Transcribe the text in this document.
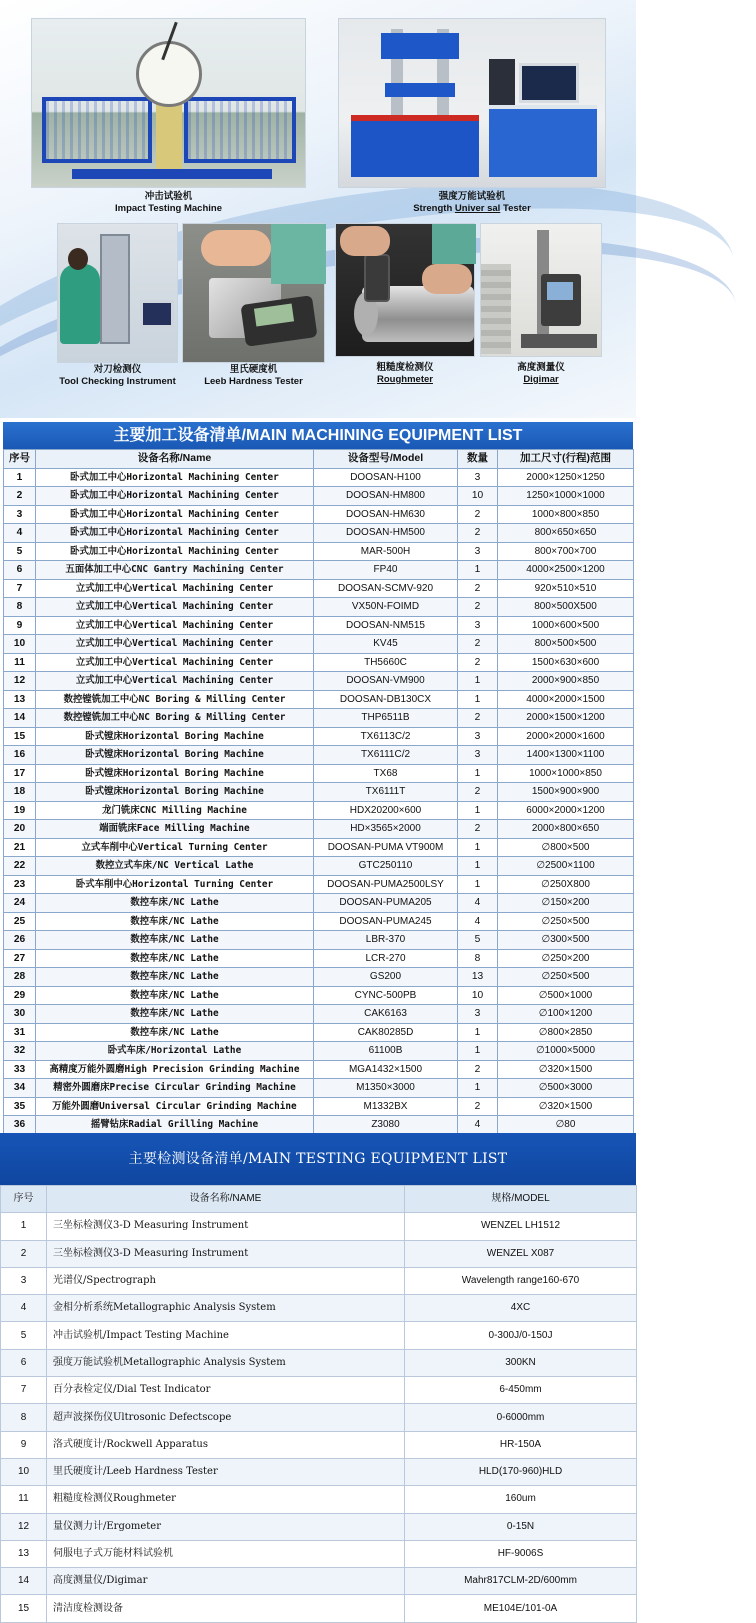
冲击试验机
Impact Testing Machine
强度万能试验机
Strength Univer sal Tester
对刀检测仪
Tool Checking Instrument
里氏硬度机
Leeb Hardness Tester
粗糙度检测仪
Roughmeter
高度测量仪
Digimar
主要加工设备清单/MAIN MACHINING EQUIPMENT LIST
序号	设备名称/Name	设备型号/Model	数量	加工尺寸(行程)范围
1	卧式加工中心Horizontal Machining Center	DOOSAN-H100	3	2000×1250×1250
2	卧式加工中心Horizontal Machining Center	DOOSAN-HM800	10	1250×1000×1000
3	卧式加工中心Horizontal Machining Center	DOOSAN-HM630	2	1000×800×850
4	卧式加工中心Horizontal Machining Center	DOOSAN-HM500	2	800×650×650
5	卧式加工中心Horizontal Machining Center	MAR-500H	3	800×700×700
6	五面体加工中心CNC Gantry Machining Center	FP40	1	4000×2500×1200
7	立式加工中心Vertical Machining Center	DOOSAN-SCMV-920	2	920×510×510
8	立式加工中心Vertical Machining Center	VX50N-FOIMD	2	800×500X500
9	立式加工中心Vertical Machining Center	DOOSAN-NM515	3	1000×600×500
10	立式加工中心Vertical Machining Center	KV45	2	800×500×500
11	立式加工中心Vertical Machining Center	TH5660C	2	1500×630×600
12	立式加工中心Vertical Machining Center	DOOSAN-VM900	1	2000×900×850
13	数控镗铣加工中心NC Boring & Milling Center	DOOSAN-DB130CX	1	4000×2000×1500
14	数控镗铣加工中心NC Boring & Milling Center	THP6511B	2	2000×1500×1200
15	卧式镗床Horizontal Boring Machine	TX6113C/2	3	2000×2000×1600
16	卧式镗床Horizontal Boring Machine	TX6111C/2	3	1400×1300×1100
17	卧式镗床Horizontal Boring Machine	TX68	1	1000×1000×850
18	卧式镗床Horizontal Boring Machine	TX6111T	2	1500×900×900
19	龙门铣床CNC Milling Machine	HDX20200×600	1	6000×2000×1200
20	端面铣床Face Milling Machine	HD×3565×2000	2	2000×800×650
21	立式车削中心Vertical Turning Center	DOOSAN-PUMA VT900M	1	∅800×500
22	数控立式车床/NC Vertical Lathe	GTC250110	1	∅2500×1100
23	卧式车削中心Horizontal Turning Center	DOOSAN-PUMA2500LSY	1	∅250X800
24	数控车床/NC Lathe	DOOSAN-PUMA205	4	∅150×200
25	数控车床/NC Lathe	DOOSAN-PUMA245	4	∅250×500
26	数控车床/NC Lathe	LBR-370	5	∅300×500
27	数控车床/NC Lathe	LCR-270	8	∅250×200
28	数控车床/NC Lathe	GS200	13	∅250×500
29	数控车床/NC Lathe	CYNC-500PB	10	∅500×1000
30	数控车床/NC Lathe	CAK6163	3	∅100×1200
31	数控车床/NC Lathe	CAK80285D	1	∅800×2850
32	卧式车床/Horizontal Lathe	61100B	1	∅1000×5000
33	高精度万能外圆磨High Precision Grinding Machine	MGA1432×1500	2	∅320×1500
34	精密外圆磨床Precise Circular Grinding Machine	M1350×3000	1	∅500×3000
35	万能外圆磨Universal Circular Grinding Machine	M1332BX	2	∅320×1500
36	摇臂钻床Radial Grilling Machine	Z3080	4	∅80
主要检测设备清单/MAIN TESTING EQUIPMENT LIST
序号	设备名称/NAME	规格/MODEL
1	三坐标检测仪3-D Measuring Instrument	WENZEL LH1512
2	三坐标检测仪3-D Measuring Instrument	WENZEL X087
3	光谱仪/Spectrograph	Wavelength range160-670
4	金相分析系统Metallographic Analysis System	4XC
5	冲击试验机/Impact Testing Machine	0-300J/0-150J
6	强度万能试验机Metallographic Analysis System	300KN
7	百分表检定仪/Dial Test Indicator	6-450mm
8	超声波探伤仪Ultrosonic Defectscope	0-6000mm
9	洛式硬度计/Rockwell Apparatus	HR-150A
10	里氏硬度计/Leeb Hardness Tester	HLD(170-960)HLD
11	粗糙度检测仪Roughmeter	160um
12	量仪测力计/Ergometer	0-15N
13	伺服电子式万能材料试验机	HF-9006S
14	高度测量仪/Digimar	Mahr817CLM-2D/600mm
15	清洁度检测设备	ME104E/101-0A
